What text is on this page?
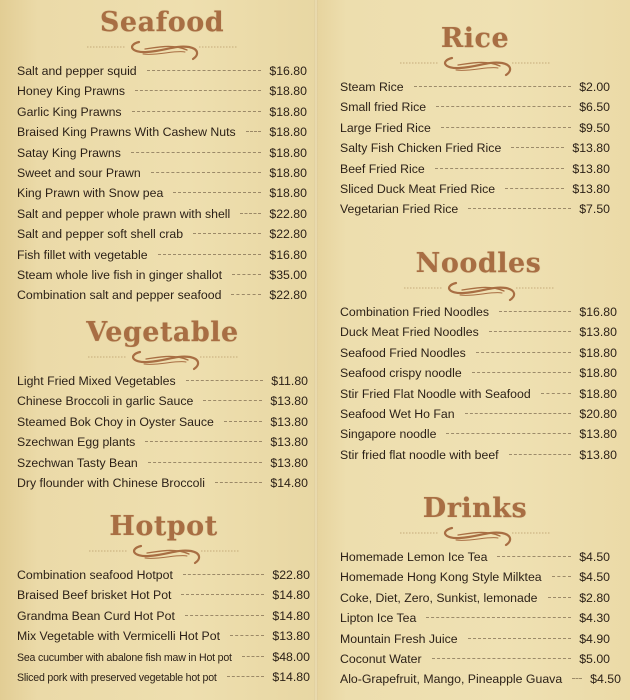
Seafood
Salt and pepper squid	$16.80
Honey King Prawns	$18.80
Garlic King Prawns	$18.80
Braised King Prawns With Cashew Nuts	$18.80
Satay King Prawns	$18.80
Sweet and sour Prawn	$18.80
King Prawn with Snow pea	$18.80
Salt and pepper whole prawn with shell	$22.80
Salt and pepper soft shell crab	$22.80
Fish fillet with vegetable	$16.80
Steam whole live fish in ginger shallot	$35.00
Combination salt and pepper seafood	$22.80
Vegetable
Light Fried Mixed Vegetables	$11.80
Chinese Broccoli in garlic Sauce	$13.80
Steamed Bok Choy in Oyster Sauce	$13.80
Szechwan Egg plants	$13.80
Szechwan Tasty Bean	$13.80
Dry flounder with Chinese Broccoli	$14.80
Hotpot
Combination seafood Hotpot	$22.80
Braised Beef brisket Hot Pot	$14.80
Grandma Bean Curd Hot Pot	$14.80
Mix Vegetable with Vermicelli Hot Pot	$13.80
Sea cucumber with abalone fish maw in Hot pot	$48.00
Sliced pork with preserved vegetable hot pot	$14.80
Rice
Steam Rice	$2.00
Small fried Rice	$6.50
Large Fried Rice	$9.50
Salty Fish Chicken Fried Rice	$13.80
Beef Fried Rice	$13.80
Sliced Duck Meat Fried Rice	$13.80
Vegetarian Fried Rice	$7.50
Noodles
Combination Fried Noodles	$16.80
Duck Meat Fried Noodles	$13.80
Seafood Fried Noodles	$18.80
Seafood crispy noodle	$18.80
Stir Fried Flat Noodle with Seafood	$18.80
Seafood Wet Ho Fan	$20.80
Singapore noodle	$13.80
Stir fried flat noodle with beef	$13.80
Drinks
Homemade Lemon Ice Tea	$4.50
Homemade Hong Kong Style Milktea	$4.50
Coke, Diet, Zero, Sunkist, lemonade	$2.80
Lipton Ice Tea	$4.30
Mountain Fresh Juice	$4.90
Coconut Water	$5.00
Alo-Grapefruit, Mango, Pineapple Guava $4.50
